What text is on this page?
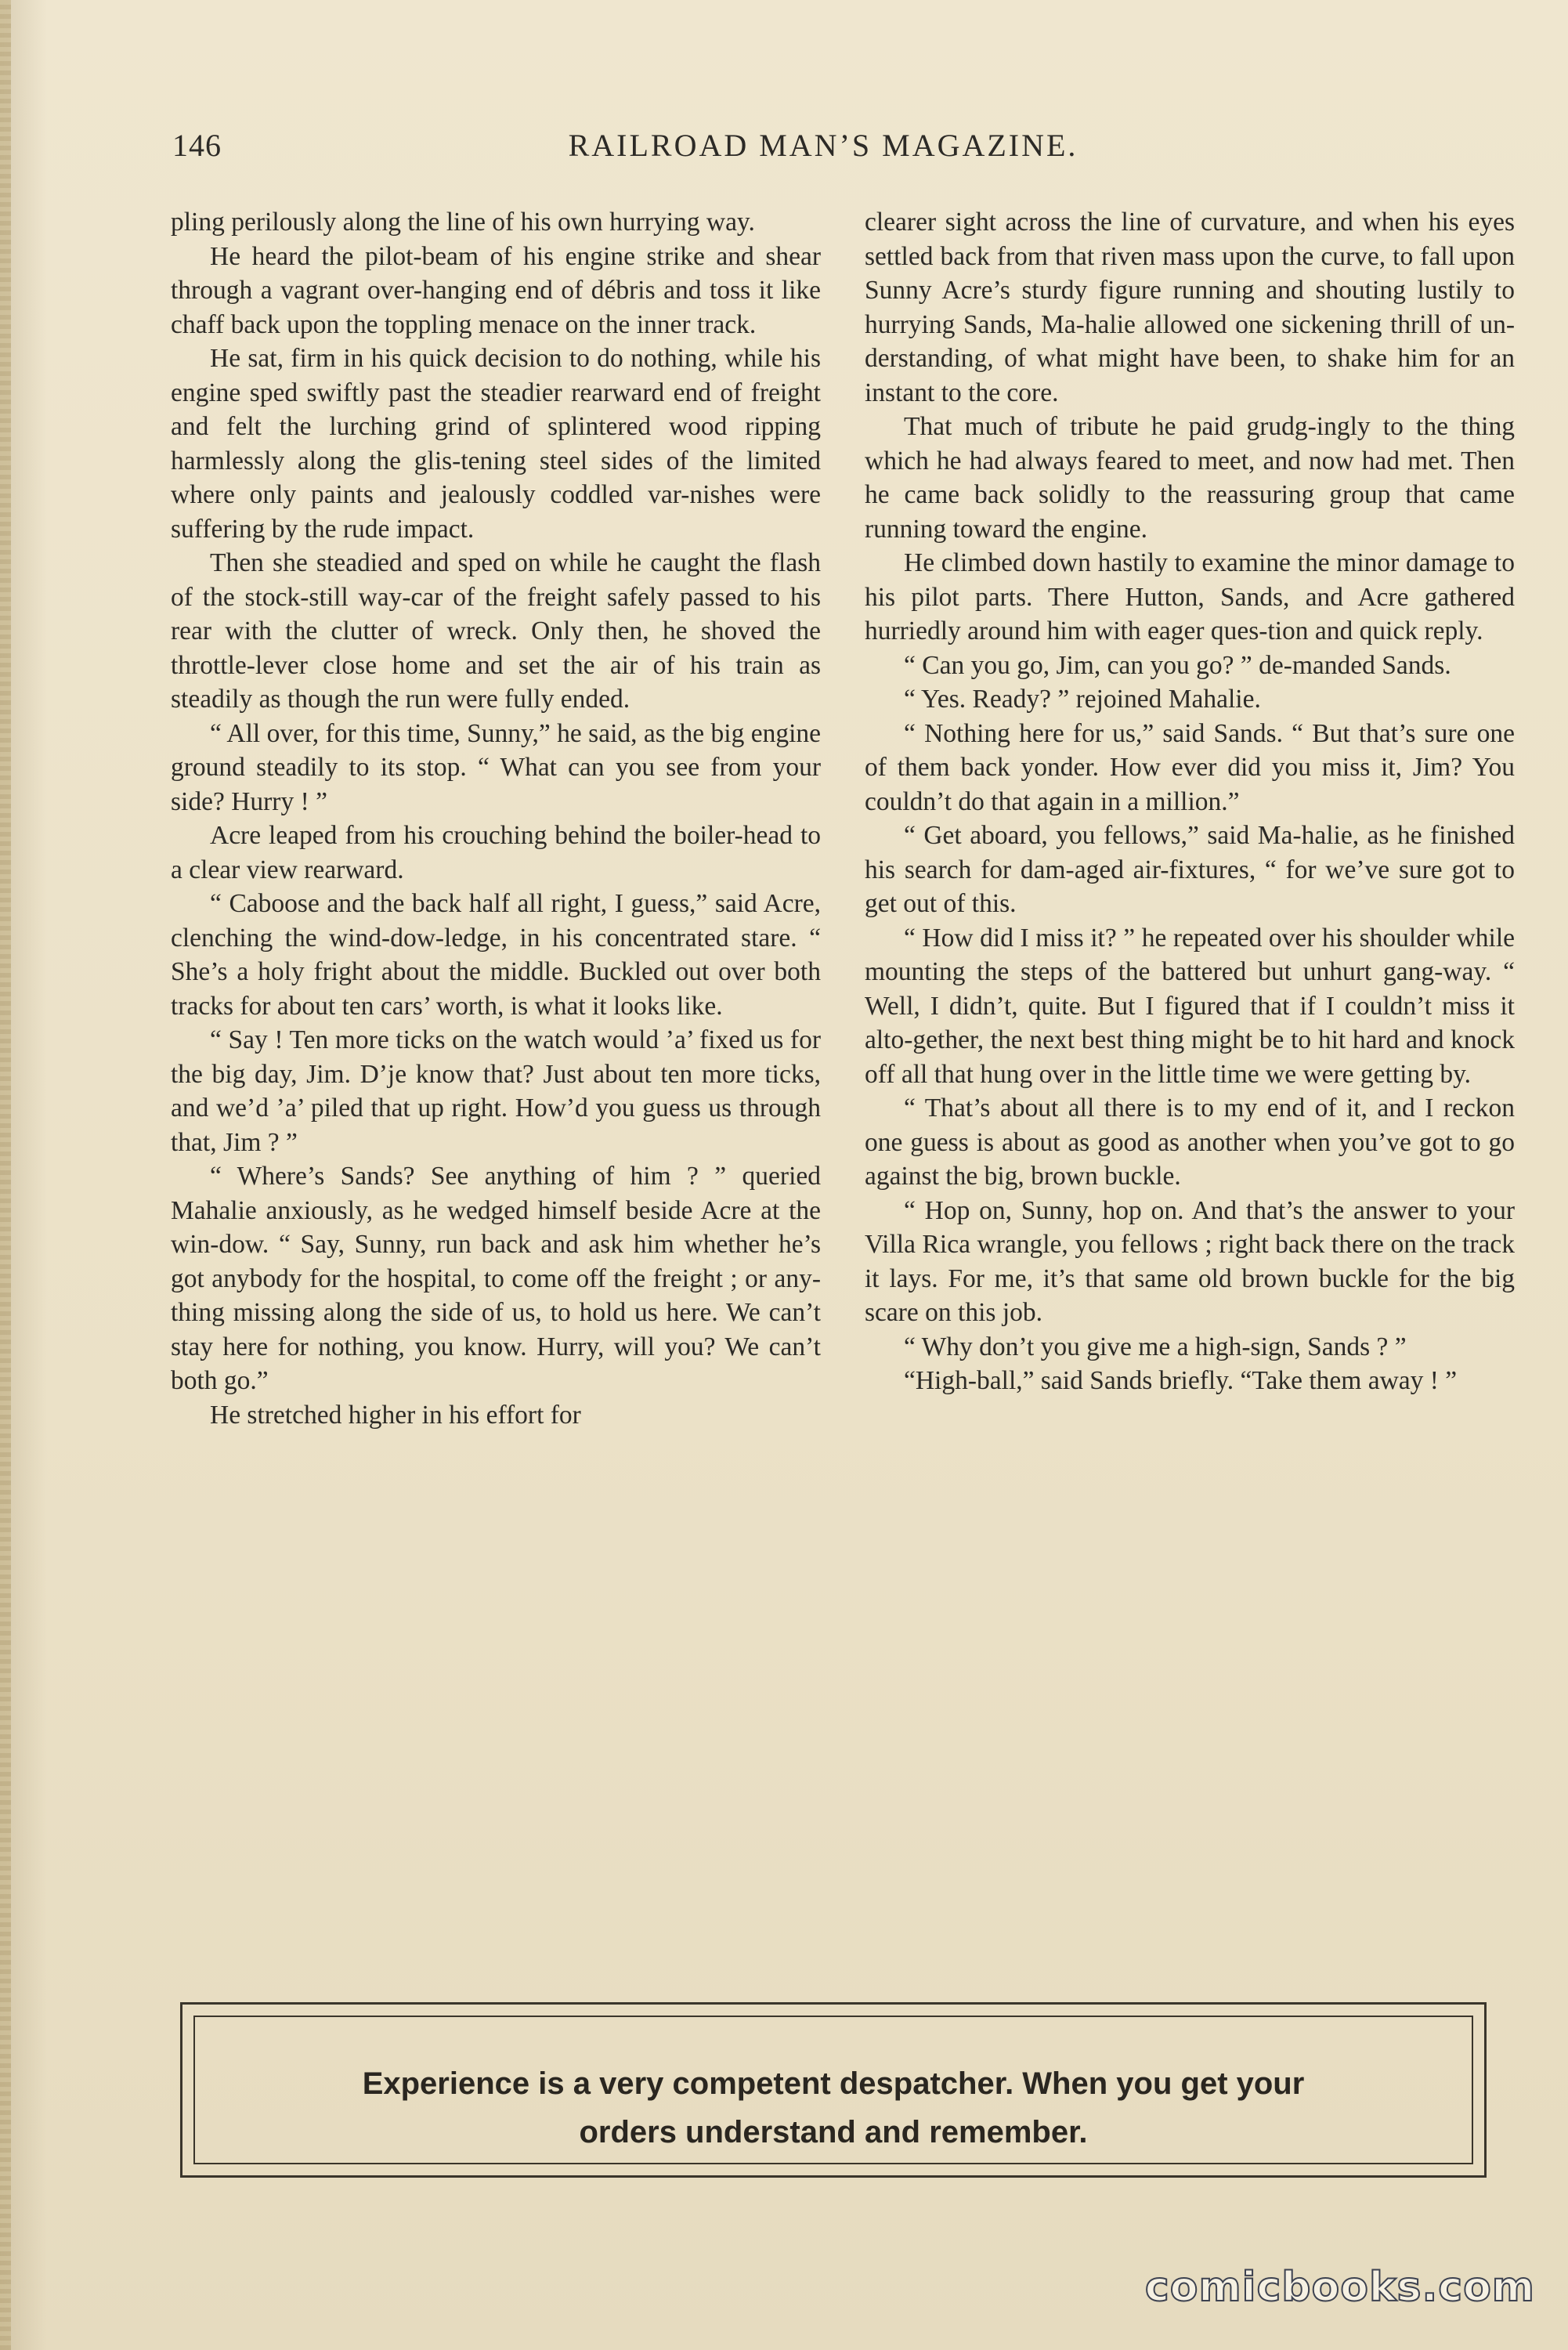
146	RAILROAD MAN’S MAGAZINE.

pling perilously along the line of his own hurrying way.

He heard the pilot-beam of his engine strike and shear through a vagrant over-hanging end of débris and toss it like chaff back upon the toppling menace on the inner track.

He sat, firm in his quick decision to do nothing, while his engine sped swiftly past the steadier rearward end of freight and felt the lurching grind of splintered wood ripping harmlessly along the glis-tening steel sides of the limited where only paints and jealously coddled var-nishes were suffering by the rude impact.

Then she steadied and sped on while he caught the flash of the stock-still way-car of the freight safely passed to his rear with the clutter of wreck. Only then, he shoved the throttle-lever close home and set the air of his train as steadily as though the run were fully ended.

“ All over, for this time, Sunny,” he said, as the big engine ground steadily to its stop. “ What can you see from your side? Hurry ! ”

Acre leaped from his crouching behind the boiler-head to a clear view rearward.

“ Caboose and the back half all right, I guess,” said Acre, clenching the wind-dow-ledge, in his concentrated stare. “ She’s a holy fright about the middle. Buckled out over both tracks for about ten cars’ worth, is what it looks like.

“ Say ! Ten more ticks on the watch would ’a’ fixed us for the big day, Jim. D’je know that? Just about ten more ticks, and we’d ’a’ piled that up right. How’d you guess us through that, Jim ? ”

“ Where’s Sands? See anything of him ? ” queried Mahalie anxiously, as he wedged himself beside Acre at the win-dow. “ Say, Sunny, run back and ask him whether he’s got anybody for the hospital, to come off the freight ; or any-thing missing along the side of us, to hold us here. We can’t stay here for nothing, you know. Hurry, will you? We can’t both go.”

He stretched higher in his effort for

clearer sight across the line of curvature, and when his eyes settled back from that riven mass upon the curve, to fall upon Sunny Acre’s sturdy figure running and shouting lustily to hurrying Sands, Ma-halie allowed one sickening thrill of un-derstanding, of what might have been, to shake him for an instant to the core.

That much of tribute he paid grudg-ingly to the thing which he had always feared to meet, and now had met. Then he came back solidly to the reassuring group that came running toward the engine.

He climbed down hastily to examine the minor damage to his pilot parts. There Hutton, Sands, and Acre gathered hurriedly around him with eager ques-tion and quick reply.

“ Can you go, Jim, can you go? ” de-manded Sands.

“ Yes. Ready? ” rejoined Mahalie.

“ Nothing here for us,” said Sands. “ But that’s sure one of them back yonder. How ever did you miss it, Jim? You couldn’t do that again in a million.”

“ Get aboard, you fellows,” said Ma-halie, as he finished his search for dam-aged air-fixtures, “ for we’ve sure got to get out of this.

“ How did I miss it? ” he repeated over his shoulder while mounting the steps of the battered but unhurt gang-way. “ Well, I didn’t, quite. But I figured that if I couldn’t miss it alto-gether, the next best thing might be to hit hard and knock off all that hung over in the little time we were getting by.

“ That’s about all there is to my end of it, and I reckon one guess is about as good as another when you’ve got to go against the big, brown buckle.

“ Hop on, Sunny, hop on. And that’s the answer to your Villa Rica wrangle, you fellows ; right back there on the track it lays. For me, it’s that same old brown buckle for the big scare on this job.

“ Why don’t you give me a high-sign, Sands ? ”

“High-ball,” said Sands briefly. “Take them away ! ”

Experience is a very competent despatcher. When you get your
orders understand and remember.
comicbooks.com
